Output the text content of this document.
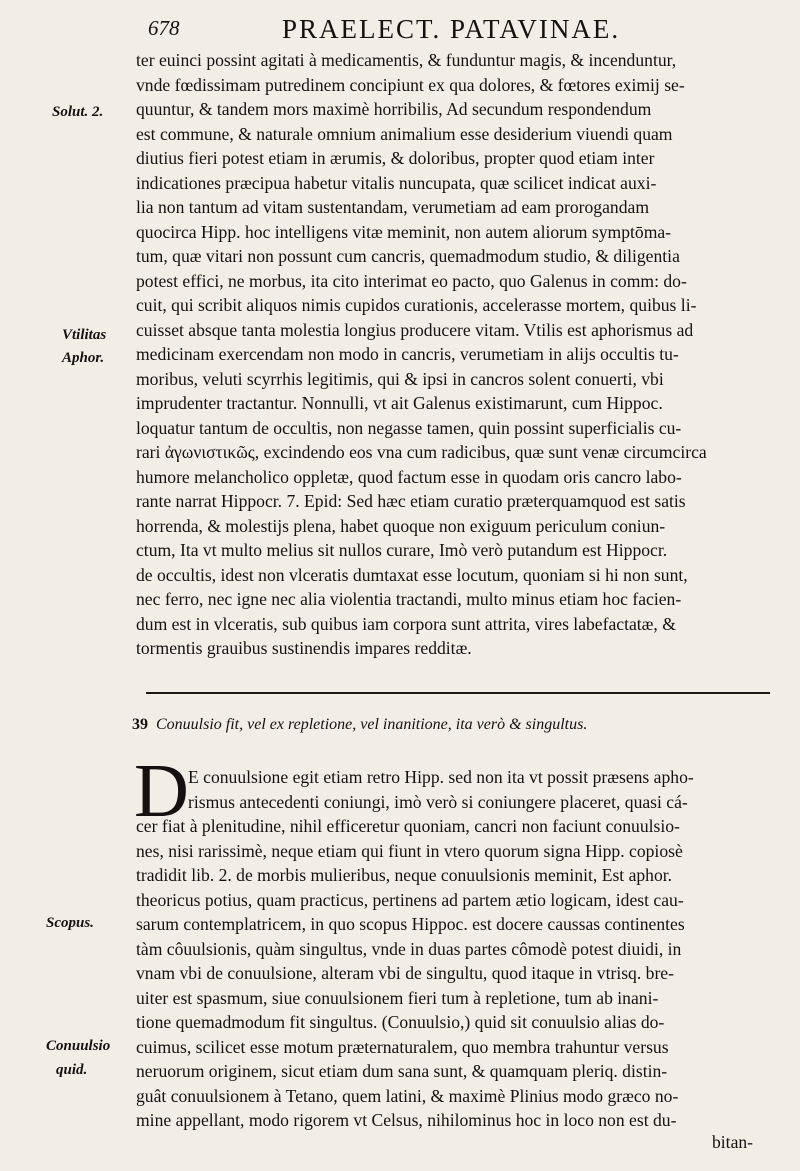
678	PRAELECT. PATAVINAE.
Solut. 2.
Vtilitas
Aphor.
Scopus.
Conuulsio
quid.
ter euinci possint agitati à medicamentis, & funduntur magis, & incenduntur,
vnde fœdissimam putredinem concipiunt ex qua dolores, & fœtores eximij se-
quuntur, & tandem mors maximè horribilis, Ad secundum respondendum
est commune, & naturale omnium animalium esse desiderium viuendi quam
diutius fieri potest etiam in ærumis, & doloribus, propter quod etiam inter
indicationes præcipua habetur vitalis nuncupata, quæ scilicet indicat auxi-
lia non tantum ad vitam sustentandam, verumetiam ad eam prorogandam
quocirca Hipp. hoc intelligens vitæ meminit, non autem aliorum symptōma-
tum, quæ vitari non possunt cum cancris, quemadmodum studio, & diligentia
potest effici, ne morbus, ita cito interimat eo pacto, quo Galenus in comm: do-
cuit, qui scribit aliquos nimis cupidos curationis, accelerasse mortem, quibus li-
cuisset absque tanta molestia longius producere vitam. Vtilis est aphorismus ad
medicinam exercendam non modo in cancris, verumetiam in alijs occultis tu-
moribus, veluti scyrrhis legitimis, qui & ipsi in cancros solent conuerti, vbi
imprudenter tractantur. Nonnulli, vt ait Galenus existimarunt, cum Hippoc.
loquatur tantum de occultis, non negasse tamen, quin possint superficialis cu-
rari ἀγωνιστικῶς, excindendo eos vna cum radicibus, quæ sunt venæ circumcirca
humore melancholico oppletæ, quod factum esse in quodam oris cancro labo-
rante narrat Hippocr. 7. Epid: Sed hæc etiam curatio præterquamquod est satis
horrenda, & molestijs plena, habet quoque non exiguum periculum coniun-
ctum, Ita vt multo melius sit nullos curare, Imò verò putandum est Hippocr.
de occultis, idest non vlceratis dumtaxat esse locutum, quoniam si hi non sunt,
nec ferro, nec igne nec alia violentia tractandi, multo minus etiam hoc facien-
dum est in vlceratis, sub quibus iam corpora sunt attrita, vires labefactatæ, &
tormentis grauibus sustinendis impares redditæ.
39 Conuulsio fit, vel ex repletione, vel inanitione, ita verò & singultus.
D E conuulsione egit etiam retro Hipp. sed non ita vt possit præsens apho-
rismus antecedenti coniungi, imò verò si coniungere placeret, quasi cá-
cer fiat à plenitudine, nihil efficeretur quoniam, cancri non faciunt conuulsio-
nes, nisi rarissimè, neque etiam qui fiunt in vtero quorum signa Hipp. copiosè
tradidit lib. 2. de morbis mulieribus, neque conuulsionis meminit, Est aphor.
theoricus potius, quam practicus, pertinens ad partem ætio logicam, idest cau-
sarum contemplatricem, in quo scopus Hippoc. est docere caussas continentes
tàm côuulsionis, quàm singultus, vnde in duas partes cômodè potest diuidi, in
vnam vbi de conuulsione, alteram vbi de singultu, quod itaque in vtrisq. bre-
uiter est spasmum, siue conuulsionem fieri tum à repletione, tum ab inani-
tione quemadmodum fit singultus. (Conuulsio,) quid sit conuulsio alias do-
cuimus, scilicet esse motum præternaturalem, quo membra trahuntur versus
neruorum originem, sicut etiam dum sana sunt, & quamquam pleriq. distin-
guât conuulsionem à Tetano, quem latini, & maximè Plinius modo græco no-
mine appellant, modo rigorem vt Celsus, nihilominus hoc in loco non est du-
bitan-
